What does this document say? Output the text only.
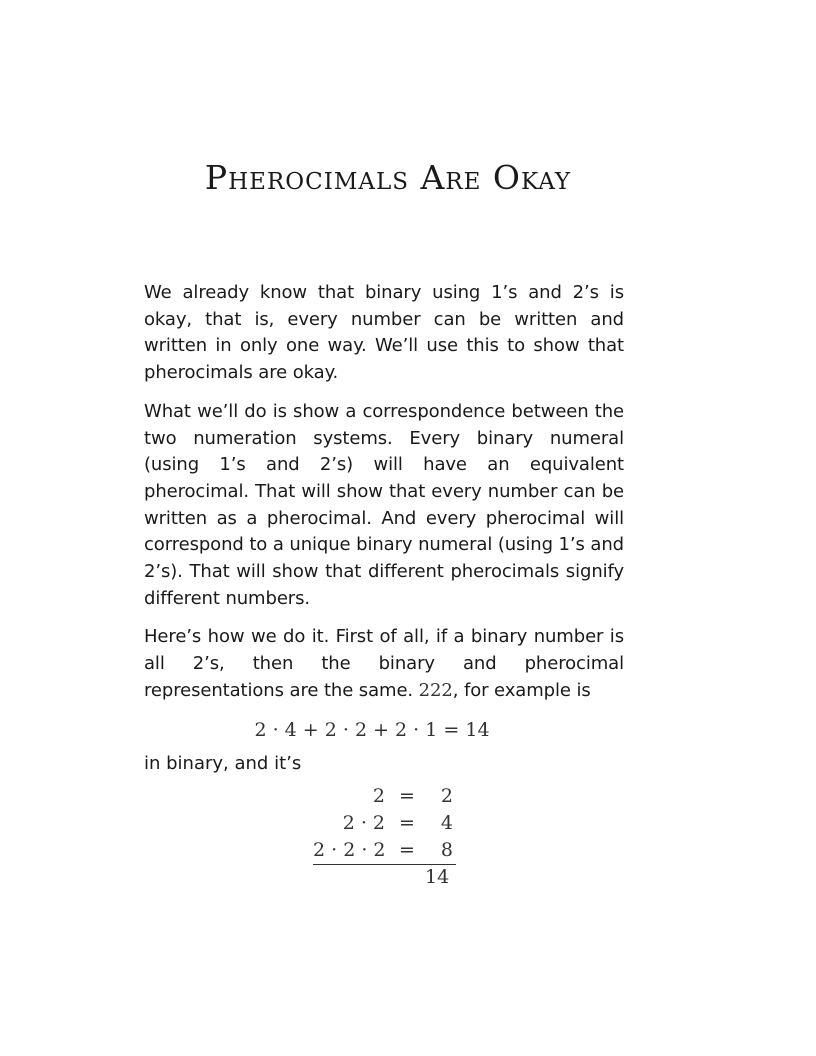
Pherocimals Are Okay

We already know that binary using 1’s and 2’s is okay, that is, every number can be written and written in only one way. We’ll use this to show that pherocimals are okay.

What we’ll do is show a correspondence between the two numeration systems. Every binary numeral (using 1’s and 2’s) will have an equivalent pherocimal. That will show that every number can be written as a pherocimal. And every pherocimal will correspond to a unique binary numeral (using 1’s and 2’s). That will show that different pherocimals signify different numbers.

Here’s how we do it. First of all, if a binary number is all 2’s, then the binary and pherocimal representations are the same. 222, for example is

2 · 4 + 2 · 2 + 2 · 1 = 14
in binary, and it’s
2 =	2
2 · 2 =	4
2 · 2 · 2 =	8
14
